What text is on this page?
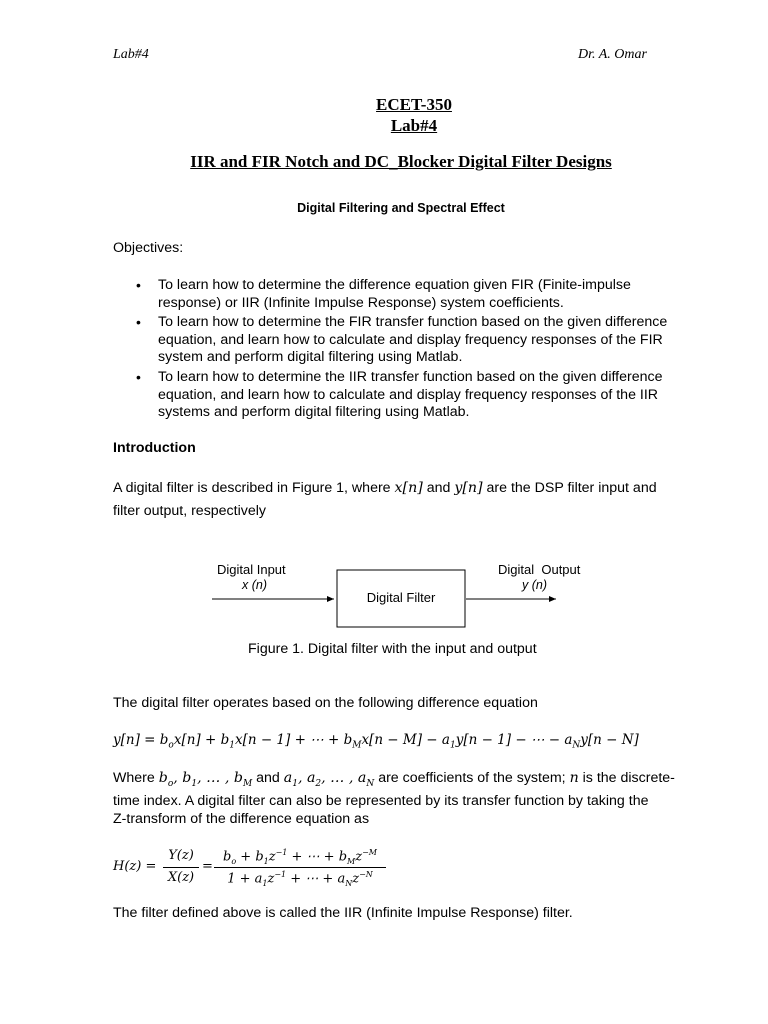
Lab#4	Dr. A. Omar
ECET-350
Lab#4
IIR and FIR Notch and DC_Blocker Digital Filter Designs
Digital Filtering and Spectral Effect
Objectives:
• To learn how to determine the difference equation given FIR (Finite-impulse response) or IIR (Infinite Impulse Response) system coefficients.
• To learn how to determine the FIR transfer function based on the given difference equation, and learn how to calculate and display frequency responses of the FIR system and perform digital filtering using Matlab.
• To learn how to determine the IIR transfer function based on the given difference equation, and learn how to calculate and display frequency responses of the IIR systems and perform digital filtering using Matlab.
Introduction
A digital filter is described in Figure 1, where x[n] and y[n] are the DSP filter input and
filter output, respectively
Digital Input
x (n)
Digital Filter
Digital  Output
y (n)
Figure 1. Digital filter with the input and output
The digital filter operates based on the following difference equation
$y[n] = b_ox[n] + b_1x[n - 1]$ + ⋯ + $b_Mx[n - M] - a_1y[n - 1]$ − ⋯ − $a_Ny[n - N]$
Where $b_o$, $b_1$, … , $b_M$ and $a_1$, $a_2$, … , $a_N$ are coefficients of the system; n is the discrete-
time index. A digital filter can also be represented by its transfer function by taking the
Z-transform of the difference equation as
H(z) =
Y(z)
X(z)
=
$b_o + b_1z^{-1}$ + ⋯ + $b_Mz^{-M}$
$1 + a_1z^{-1}$ + ⋯ + $a_Nz^{-N}$
The filter defined above is called the IIR (Infinite Impulse Response) filter.
